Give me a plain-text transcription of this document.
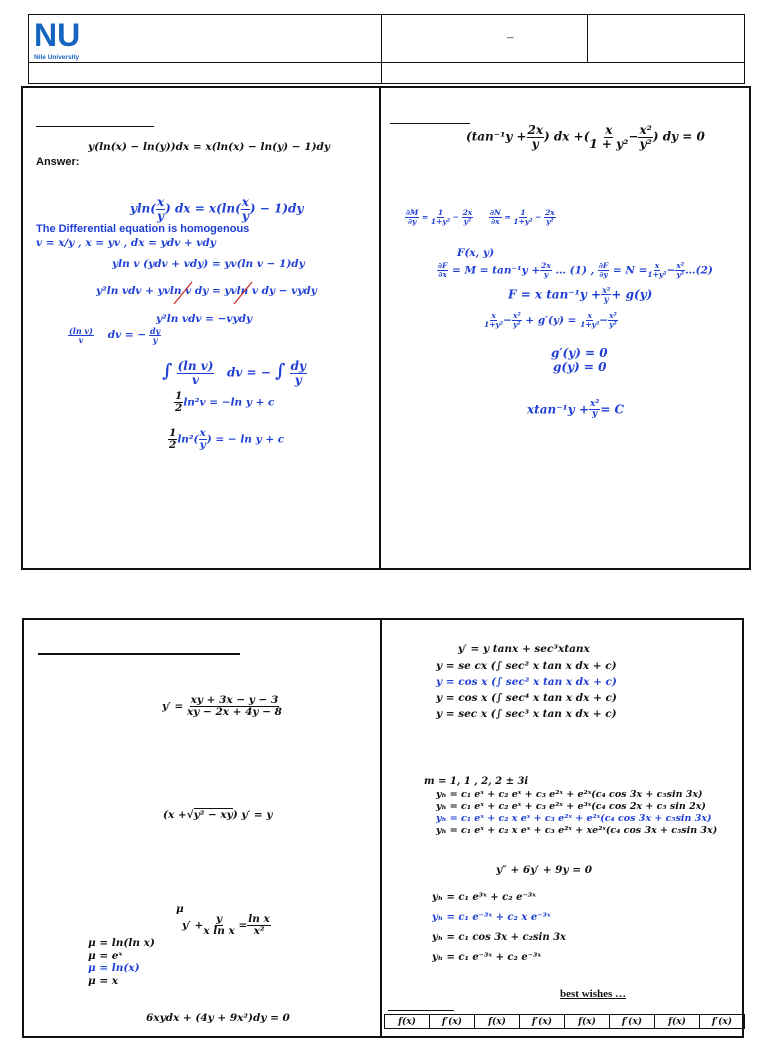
–
NU
Nile University
y(ln(x) − ln(y))dx = x(ln(x) − ln(y) − 1)dy
Answer:
$yln( \frac{x}{y}$ ) dx = $x(\ln( \frac{x}{y}$ ) − 1)dy
The Differential equation is homogenous
v = x/y , x = yv , dx = ydv + vdy
yln v (ydv + vdy) = yv(ln v − 1)dy
y²ln vdv + yvln v dy = yvln v dy − vydy
y²ln vdv = −vydy
$\frac{\text{(ln v)}}{v}$ dv = − $\frac{dy}{y}$
∫ $\frac{\text{(ln v)}}{v}$ dv = − ∫ $\frac{dy}{y}$
$\frac{1}{2} \ln^2v = -\ln$ y + c
$\frac{1}{2} \ln^2( \frac{x}{y}$ ) = − ln y + c
($\tan^{-1}y + \frac{2x}{y}$ ) dx +( $\frac{x}{\text{1 + y²}} - \frac{\text{x²}}{\text{y²}}$ ) dy = 0
$\frac{\partial M}{\partial y} = \frac{1}{\text{1+y²}} - \frac{2x}{\text{y²}}$
$\frac{\partial N}{\partial x} = \frac{1}{\text{1+y²}} - \frac{2x}{\text{y²}}$
F(x, y)
$\frac{\partial F}{\partial x} = M = \tan^{-1}y + \frac{2x}{y}$ … (1) , $\frac{\partial F}{\partial y} = N = \frac{x}{\text{1+y²}} - \frac{\text{x²}}{\text{y²}}$ …(2)
F = x $\tan^{-1}y + \frac{\text{x²}}{y} + g(y)$
$\frac{x}{\text{1+y²}} - \frac{\text{x²}}{\text{y²}} + g'(y) = \frac{x}{\text{1+y²}} - \frac{\text{x²}}{\text{y²}}$
g′(y) = 0
g(y) = 0
$xtan^{-1}y + \frac{\text{x²}}{y} = C$
$y' = \frac{xy + 3x - y - 3}{xy - 2x + 4y - 8}$
(x +√y² − xy) y′ = y
μ
$y' + \frac{y}{\text{x ln x}} = \frac{\text{ln x}}{\text{x²}}$
μ = ln(ln x)
μ = eˣ
μ = ln(x)
μ = x
6xydx + (4y + 9x²)dy = 0
y′ = y tanx + sec³xtanx
y = se cx (∫ sec² x tan x dx + c)
y = cos x (∫ sec² x tan x dx + c)
y = cos x (∫ sec⁴ x tan x dx + c)
y = sec x (∫ sec³ x tan x dx + c)
m = 1, 1 , 2, 2 ± 3i
yₕ = c₁ eˣ + c₂ eˣ + c₃ e²ˣ + e²ˣ(c₄ cos 3x + c₅sin 3x)
yₕ = c₁ eˣ + c₂ eˣ + c₃ e²ˣ + e³ˣ(c₄ cos 2x + c₅ sin 2x)
yₕ = c₁ eˣ + c₂ x eˣ + c₃ e²ˣ + e²ˣ(c₄ cos 3x + c₅sin 3x)
yₕ = c₁ eˣ + c₂ x eˣ + c₃ e²ˣ + xe²ˣ(c₄ cos 3x + c₅sin 3x)
y″ + 6y′ + 9y = 0
yₕ = c₁ e³ˣ + c₂ e⁻³ˣ
yₕ = c₁ e⁻³ˣ + c₂ x e⁻³ˣ
yₕ = c₁ cos 3x + c₂sin 3x
yₕ = c₁ e⁻³ˣ + c₂ e⁻³ˣ
best wishes …
f(x)	f′(x)	f(x)	f′(x)	f(x)	f′(x)	f(x)	f′(x)
